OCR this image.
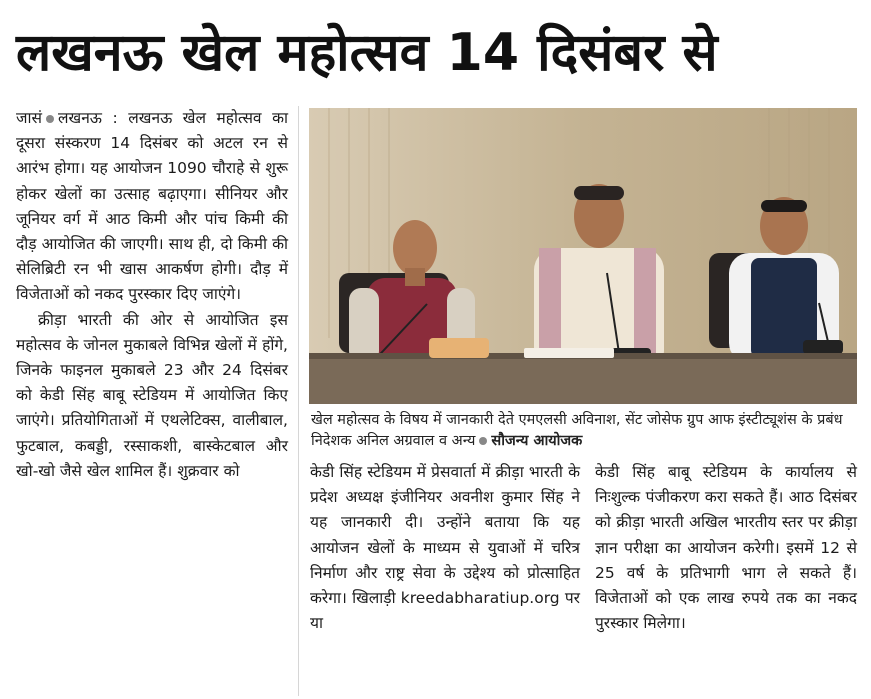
लखनऊ खेल महोत्सव 14 दिसंबर से

जासं लखनऊ : लखनऊ खेल महोत्सव का दूसरा संस्करण 14 दिसंबर को अटल रन से आरंभ होगा। यह आयोजन 1090 चौराहे से शुरू होकर खेलों का उत्साह बढ़ाएगा। सीनियर और जूनियर वर्ग में आठ किमी और पांच किमी की दौड़ आयोजित की जाएगी। साथ ही, दो किमी की सेलिब्रिटी रन भी खास आकर्षण होगी। दौड़ में विजेताओं को नकद पुरस्कार दिए जाएंगे।

क्रीड़ा भारती की ओर से आयोजित इस महोत्सव के जोनल मुकाबले विभिन्न खेलों में होंगे, जिनके फाइनल मुकाबले 23 और 24 दिसंबर को केडी सिंह बाबू स्टेडियम में आयोजित किए जाएंगे। प्रतियोगिताओं में एथलेटिक्स, वालीबाल, फुटबाल, कबड्डी, रस्साकशी, बास्केटबाल और खो-खो जैसे खेल शामिल हैं। शुक्रवार को

खेल महोत्सव के विषय में जानकारी देते एमएलसी अविनाश, सेंट जोसेफ ग्रुप आफ इंस्टीट्यूशंस के प्रबंध निदेशक अनिल अग्रवाल व अन्य सौजन्य आयोजक

केडी सिंह स्टेडियम में प्रेसवार्ता में क्रीड़ा भारती के प्रदेश अध्यक्ष इंजीनियर अवनीश कुमार सिंह ने यह जानकारी दी। उन्होंने बताया कि यह आयोजन खेलों के माध्यम से युवाओं में चरित्र निर्माण और राष्ट्र सेवा के उद्देश्य को प्रोत्साहित करेगा। खिलाड़ी kreedabharatiup.org पर या

केडी सिंह बाबू स्टेडियम के कार्यालय से निःशुल्क पंजीकरण करा सकते हैं। आठ दिसंबर को क्रीड़ा भारती अखिल भारतीय स्तर पर क्रीड़ा ज्ञान परीक्षा का आयोजन करेगी। इसमें 12 से 25 वर्ष के प्रतिभागी भाग ले सकते हैं। विजेताओं को एक लाख रुपये तक का नकद पुरस्कार मिलेगा।
